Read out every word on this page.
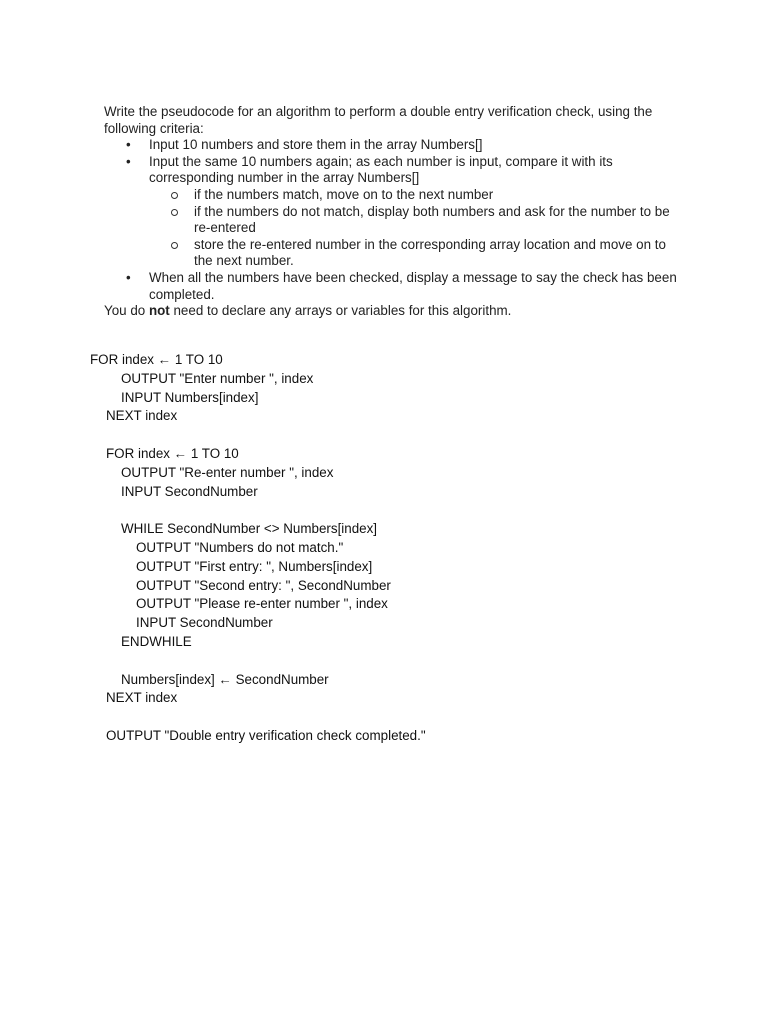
Write the pseudocode for an algorithm to perform a double entry verification check, using the following criteria:

• Input 10 numbers and store them in the array Numbers[]
• Input the same 10 numbers again; as each number is input, compare it with its corresponding number in the array Numbers[]
if the numbers match, move on to the next number
if the numbers do not match, display both numbers and ask for the number to be re-entered
store the re-entered number in the corresponding array location and move on to the next number.
• When all the numbers have been checked, display a message to say the check has been completed.

You do not need to declare any arrays or variables for this algorithm.

FOR index ← 1 TO 10
OUTPUT "Enter number ", index
INPUT Numbers[index]
NEXT index
FOR index ← 1 TO 10
OUTPUT "Re-enter number ", index
INPUT SecondNumber
WHILE SecondNumber <> Numbers[index]
OUTPUT "Numbers do not match."
OUTPUT "First entry: ", Numbers[index]
OUTPUT "Second entry: ", SecondNumber
OUTPUT "Please re-enter number ", index
INPUT SecondNumber
ENDWHILE
Numbers[index] ← SecondNumber
NEXT index
OUTPUT "Double entry verification check completed."
